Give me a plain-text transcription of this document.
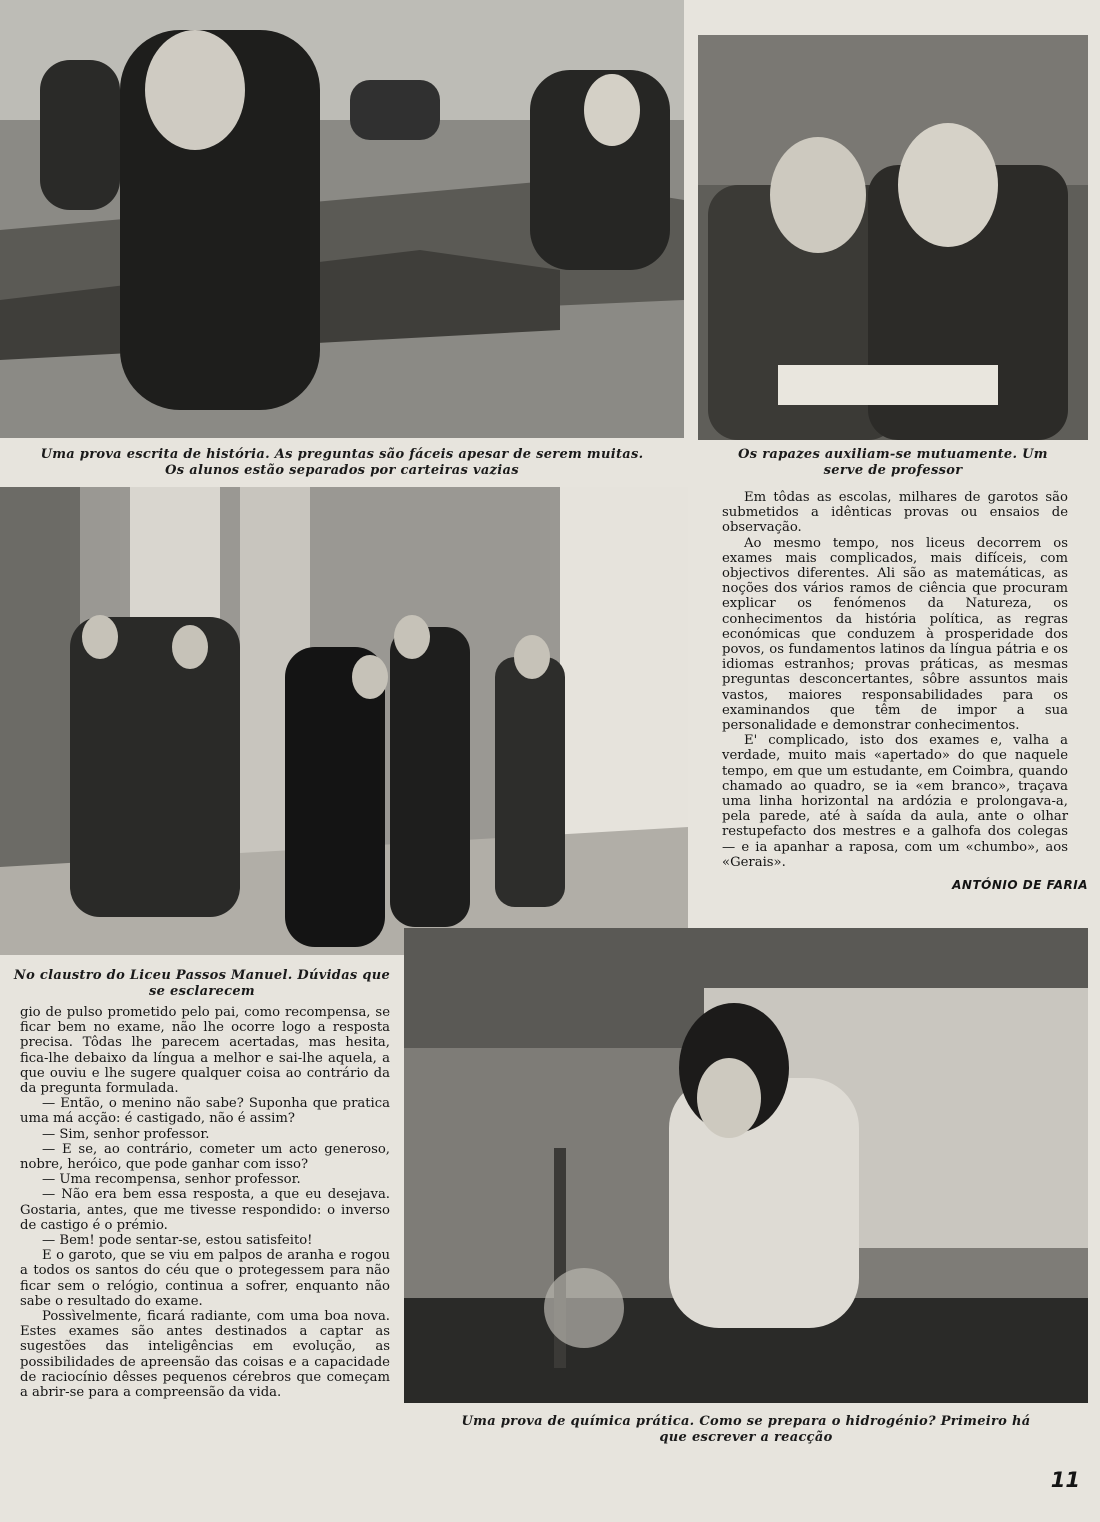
Uma prova escrita de história. As preguntas são fáceis apesar de serem muitas.
Os alunos estão separados por carteiras vazias
Os rapazes auxiliam-se mutuamente. Um
serve de professor
No claustro do Liceu Passos Manuel. Dúvidas que
se esclarecem

Em tôdas as escolas, milhares de garotos são submetidos a idênticas provas ou ensaios de observação.

Ao mesmo tempo, nos liceus decorrem os exames mais complicados, mais difíceis, com objectivos diferentes. Ali são as matemáticas, as noções dos vários ramos de ciência que procuram explicar os fenómenos da Natureza, os conhecimentos da história política, as regras económicas que conduzem à prosperidade dos povos, os fundamentos latinos da língua pátria e os idiomas estranhos; provas práticas, as mesmas preguntas desconcertantes, sôbre assuntos mais vastos, maiores responsabilidades para os examinandos que têm de impor a sua personalidade e demonstrar conhecimentos.

E' complicado, isto dos exames e, valha a verdade, muito mais «apertado» do que naquele tempo, em que um estudante, em Coimbra, quando chamado ao quadro, se ia «em branco», traçava uma linha horizontal na ardózia e prolongava-a, pela parede, até à saída da aula, ante o olhar restupefacto dos mestres e a galhofa dos colegas — e ia apanhar a raposa, com um «chumbo», aos «Gerais».

ANTÓNIO DE FARIA
Uma prova de química prática. Como se prepara o hidrogénio? Primeiro há
que escrever a reacção

gio de pulso prometido pelo pai, como recompensa, se ficar bem no exame, não lhe ocorre logo a resposta precisa. Tôdas lhe parecem acertadas, mas hesita, fica-lhe debaixo da língua a melhor e sai-lhe aquela, a que ouviu e lhe sugere qualquer coisa ao contrário da da pregunta formulada.

— Então, o menino não sabe? Suponha que pratica uma má acção: é castigado, não é assim?

— Sim, senhor professor.

— E se, ao contrário, cometer um acto generoso, nobre, heróico, que pode ganhar com isso?

— Uma recompensa, senhor professor.

— Não era bem essa resposta, a que eu desejava. Gostaria, antes, que me tivesse respondido: o inverso de castigo é o prémio.

— Bem! pode sentar-se, estou satisfeito!

E o garoto, que se viu em palpos de aranha e rogou a todos os santos do céu que o protegessem para não ficar sem o relógio, continua a sofrer, enquanto não sabe o resultado do exame.

Possìvelmente, ficará radiante, com uma boa nova. Estes exames são antes destinados a captar as sugestões das inteligências em evolução, as possibilidades de apreensão das coisas e a capacidade de raciocínio dêsses pequenos cérebros que começam a abrir-se para a compreensão da vida.

11
